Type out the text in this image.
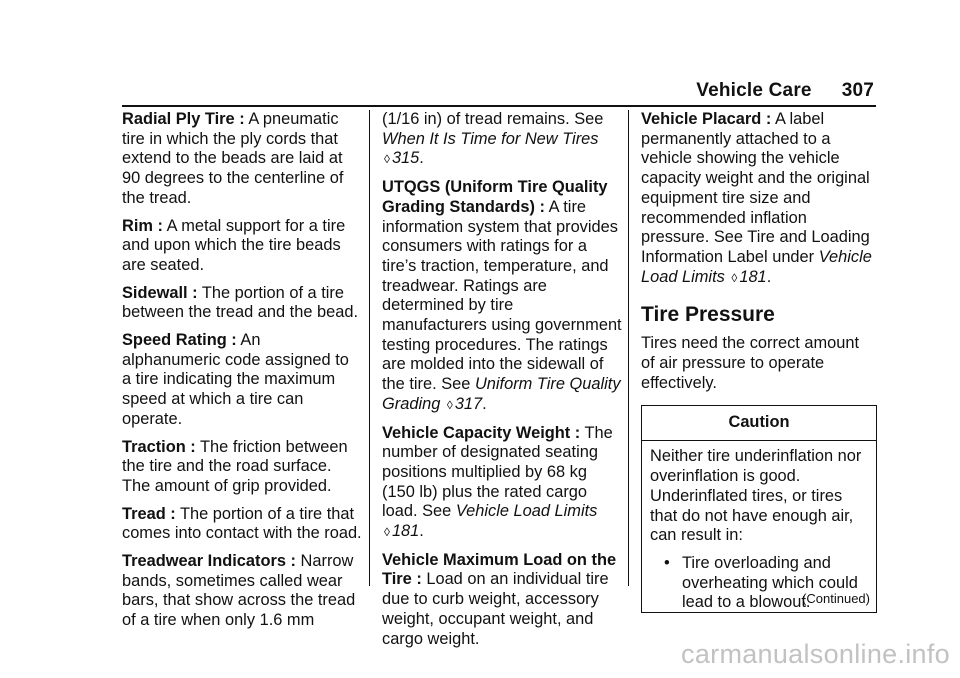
Vehicle Care 307

Radial Ply Tire : A pneumatic tire in which the ply cords that extend to the beads are laid at 90 degrees to the centerline of the tread.

Rim : A metal support for a tire and upon which the tire beads are seated.

Sidewall : The portion of a tire between the tread and the bead.

Speed Rating : An alphanumeric code assigned to a tire indicating the maximum speed at which a tire can operate.

Traction : The friction between the tire and the road surface. The amount of grip provided.

Tread : The portion of a tire that comes into contact with the road.

Treadwear Indicators : Narrow bands, sometimes called wear bars, that show across the tread of a tire when only 1.6 mm

(1/16 in) of tread remains. See When It Is Time for New Tires ◊ 315.

UTQGS (Uniform Tire Quality Grading Standards) : A tire information system that provides consumers with ratings for a tire’s traction, temperature, and treadwear. Ratings are determined by tire manufacturers using government testing procedures. The ratings are molded into the sidewall of the tire. See Uniform Tire Quality Grading ◊ 317.

Vehicle Capacity Weight : The number of designated seating positions multiplied by 68 kg (150 lb) plus the rated cargo load. See Vehicle Load Limits ◊ 181.

Vehicle Maximum Load on the Tire : Load on an individual tire due to curb weight, accessory weight, occupant weight, and cargo weight.

Vehicle Placard : A label permanently attached to a vehicle showing the vehicle capacity weight and the original equipment tire size and recommended inflation pressure. See Tire and Loading Information Label under Vehicle Load Limits ◊ 181.

Tire Pressure

Tires need the correct amount of air pressure to operate effectively.

Caution
Neither tire underinflation nor overinflation is good. Underinflated tires, or tires that do not have enough air, can result in:
• Tire overloading and overheating which could lead to a blowout.
(Continued)
carmanualsonline.info
